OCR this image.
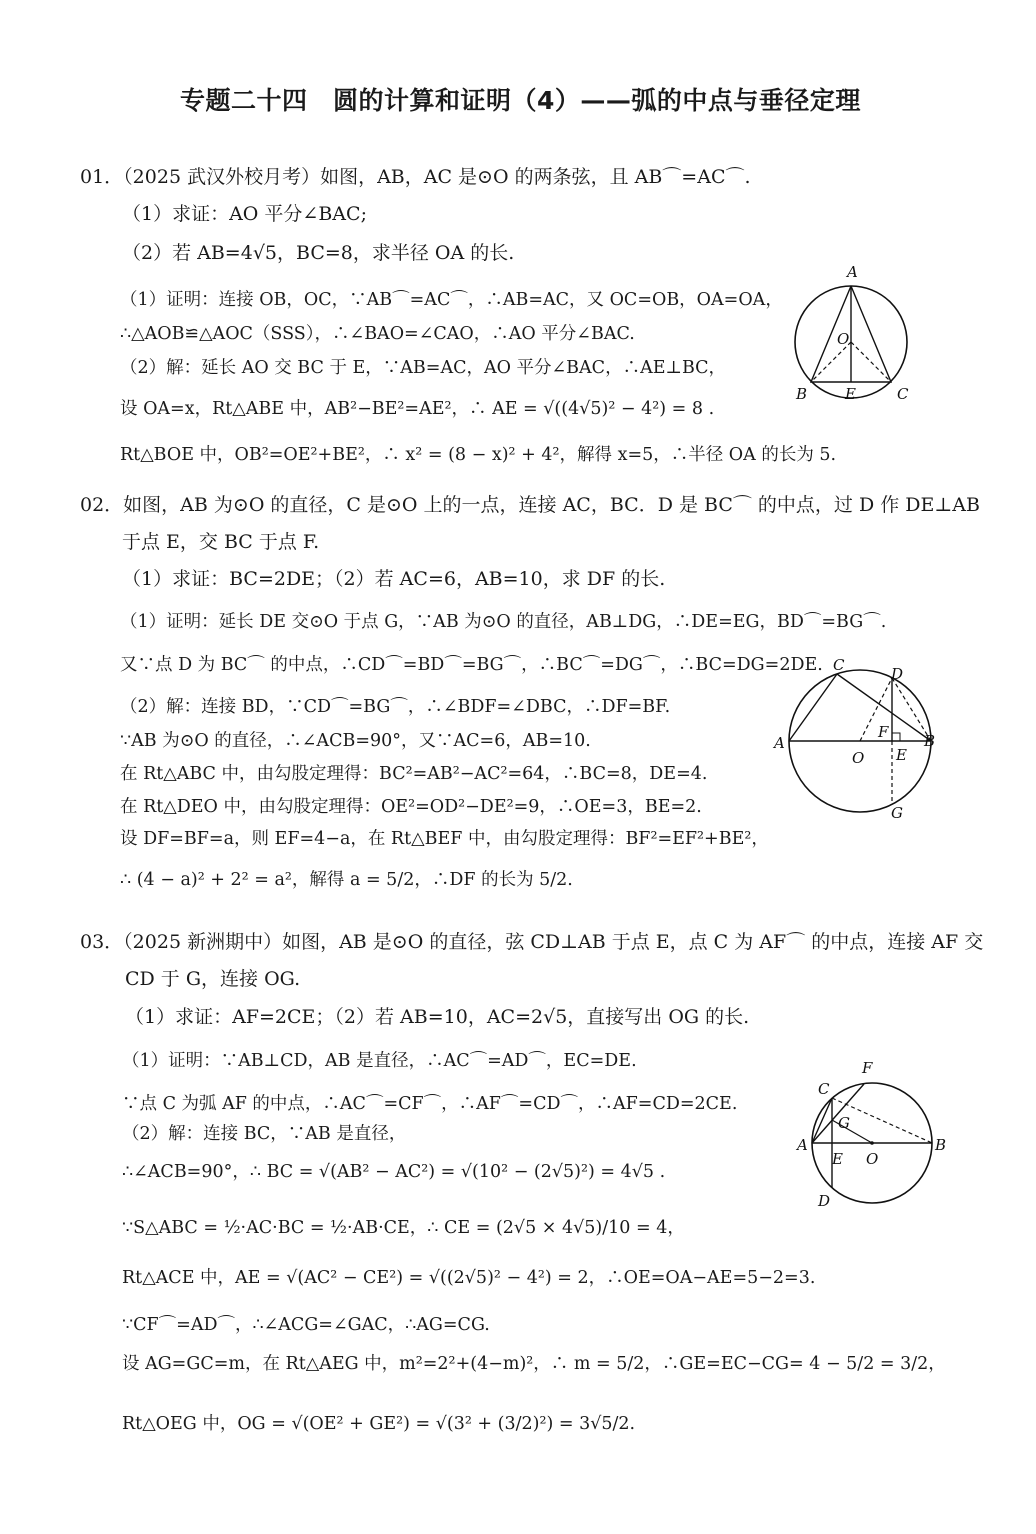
专题二十四　圆的计算和证明（4）——弧的中点与垂径定理
01．（2025 武汉外校月考）如图，AB，AC 是⊙O 的两条弦，且 AB⌒=AC⌒.
（1）求证：AO 平分∠BAC;
（2）若 AB=4√5，BC=8，求半径 OA 的长.
（1）证明：连接 OB，OC，∵AB⌒=AC⌒，∴AB=AC，又 OC=OB，OA=OA，
∴△AOB≌△AOC（SSS），∴∠BAO=∠CAO，∴AO 平分∠BAC.
（2）解：延长 AO 交 BC 于 E，∵AB=AC，AO 平分∠BAC，∴AE⊥BC，
设 OA=x，Rt△ABE 中，AB²−BE²=AE²，∴ AE = √((4√5)² − 4²) = 8 .
Rt△BOE 中，OB²=OE²+BE²，∴ x² = (8 − x)² + 4²，解得 x=5，∴半径 OA 的长为 5.
A
O
B	E	C
02．如图，AB 为⊙O 的直径，C 是⊙O 上的一点，连接 AC，BC．D 是 BC⌒ 的中点，过 D 作 DE⊥AB
于点 E，交 BC 于点 F.
（1）求证：BC=2DE；（2）若 AC=6，AB=10，求 DF 的长.
（1）证明：延长 DE 交⊙O 于点 G，∵AB 为⊙O 的直径，AB⊥DG，∴DE=EG，BD⌒=BG⌒.
又∵点 D 为 BC⌒ 的中点，∴CD⌒=BD⌒=BG⌒，∴BC⌒=DG⌒，∴BC=DG=2DE.
（2）解：连接 BD，∵CD⌒=BG⌒，∴∠BDF=∠DBC，∴DF=BF.
∵AB 为⊙O 的直径，∴∠ACB=90°，又∵AC=6，AB=10.
在 Rt△ABC 中，由勾股定理得：BC²=AB²−AC²=64，∴BC=8，DE=4.
在 Rt△DEO 中，由勾股定理得：OE²=OD²−DE²=9，∴OE=3，BE=2.
设 DF=BF=a，则 EF=4−a，在 Rt△BEF 中，由勾股定理得：BF²=EF²+BE²，
∴ (4 − a)² + 2² = a²，解得 a = 5/2，∴DF 的长为 5/2.
C	D
A
F B
O E
G
03．（2025 新洲期中）如图，AB 是⊙O 的直径，弦 CD⊥AB 于点 E，点 C 为 AF⌒ 的中点，连接 AF 交
CD 于 G，连接 OG.
（1）求证：AF=2CE；（2）若 AB=10，AC=2√5，直接写出 OG 的长.
（1）证明：∵AB⊥CD，AB 是直径，∴AC⌒=AD⌒，EC=DE.
∵点 C 为弧 AF 的中点，∴AC⌒=CF⌒，∴AF⌒=CD⌒，∴AF=CD=2CE.
（2）解：连接 BC，∵AB 是直径，
∴∠ACB=90°，∴ BC = √(AB² − AC²) = √(10² − (2√5)²) = 4√5 .
∵S△ABC = ½·AC·BC = ½·AB·CE，∴ CE = (2√5 × 4√5)/10 = 4，
Rt△ACE 中，AE = √(AC² − CE²) = √((2√5)² − 4²) = 2，∴OE=OA−AE=5−2=3.
∵CF⌒=AD⌒，∴∠ACG=∠GAC，∴AG=CG.
设 AG=GC=m，在 Rt△AEG 中，m²=2²+(4−m)²，∴ m = 5/2，∴GE=EC−CG= 4 − 5/2 = 3/2，
Rt△OEG 中，OG = √(OE² + GE²) = √(3² + (3/2)²) = 3√5/2.
F
C
G
A
E O
B
D
